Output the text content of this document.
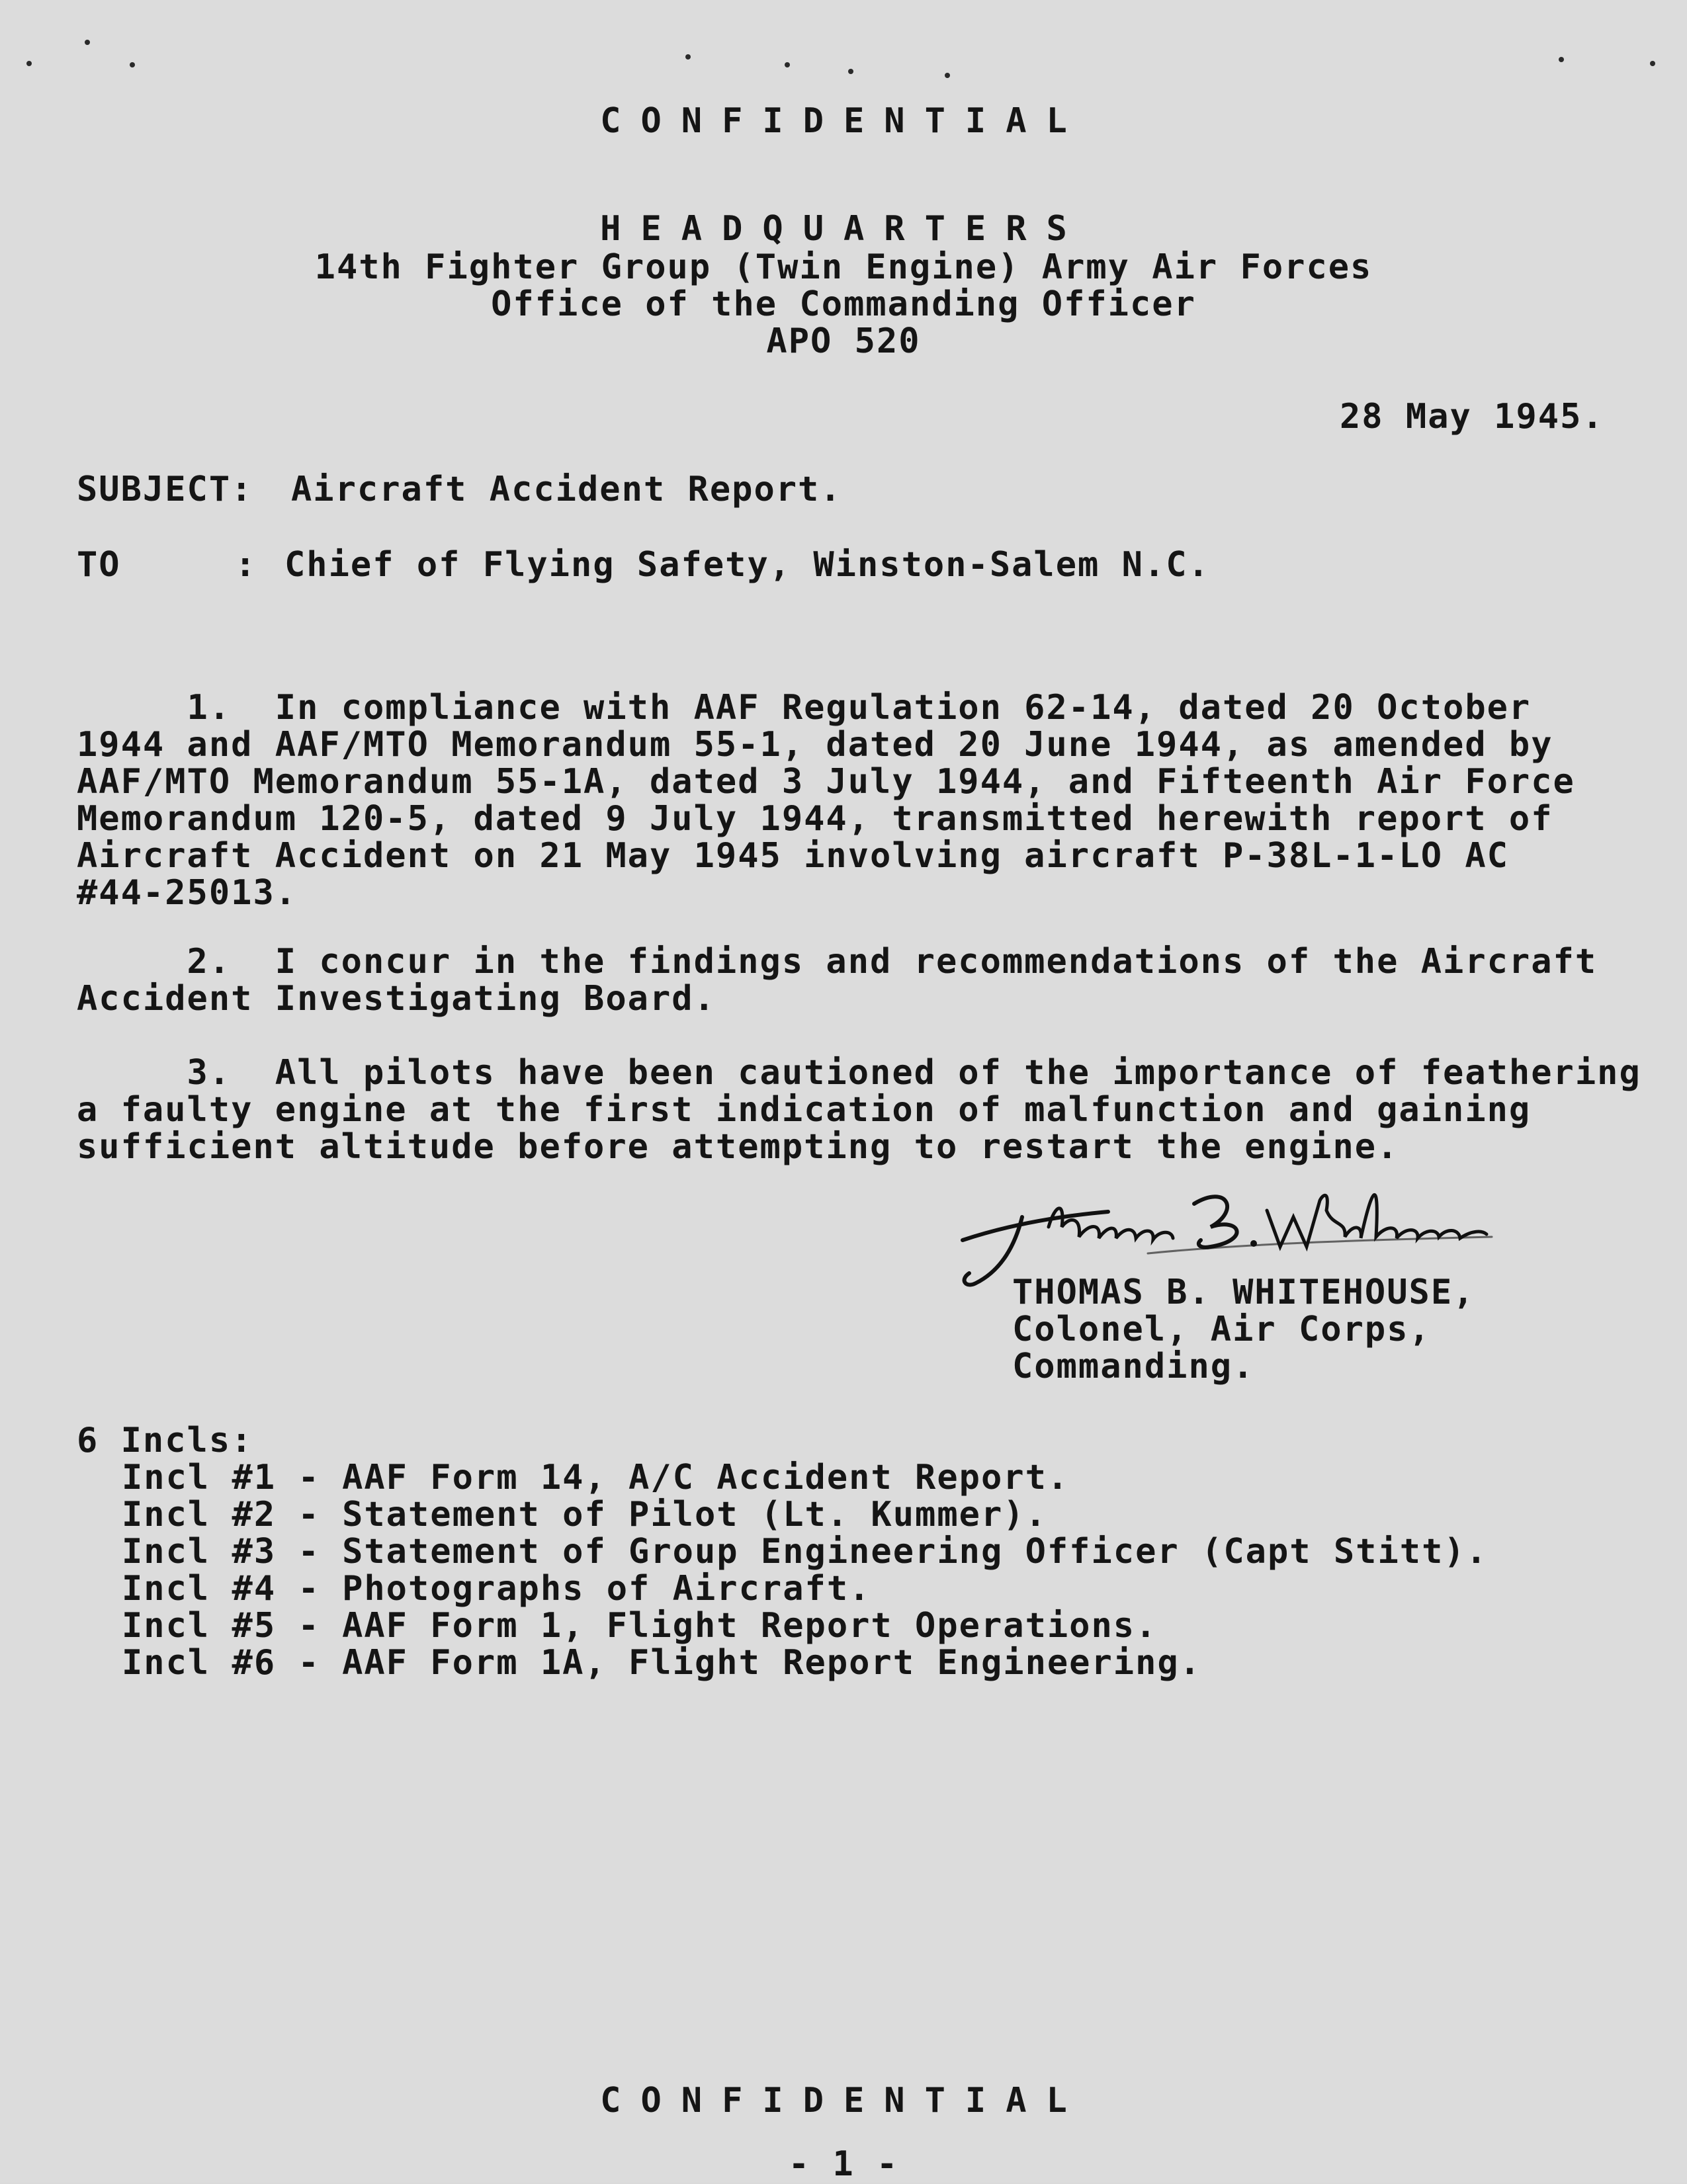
CONFIDENTIAL
HEADQUARTERS
14th Fighter Group (Twin Engine) Army Air Forces
Office of the Commanding Officer
APO 520
28 May 1945.
SUBJECT: Aircraft Accident Report.
TO	: Chief of Flying Safety, Winston-Salem N.C.
1.  In compliance with AAF Regulation 62-14, dated 20 October
1944 and AAF/MTO Memorandum 55-1, dated 20 June 1944, as amended by
AAF/MTO Memorandum 55-1A, dated 3 July 1944, and Fifteenth Air Force
Memorandum 120-5, dated 9 July 1944, transmitted herewith report of
Aircraft Accident on 21 May 1945 involving aircraft P-38L-1-LO AC
#44-25013.
2.  I concur in the findings and recommendations of the Aircraft
Accident Investigating Board.
3.  All pilots have been cautioned of the importance of feathering
a faulty engine at the first indication of malfunction and gaining
sufficient altitude before attempting to restart the engine.
THOMAS B. WHITEHOUSE,
Colonel, Air Corps,
Commanding.
6 Incls:
Incl #1 - AAF Form 14, A/C Accident Report.
Incl #2 - Statement of Pilot (Lt. Kummer).
Incl #3 - Statement of Group Engineering Officer (Capt Stitt).
Incl #4 - Photographs of Aircraft.
Incl #5 - AAF Form 1, Flight Report Operations.
Incl #6 - AAF Form 1A, Flight Report Engineering.
CONFIDENTIAL
- 1 -
